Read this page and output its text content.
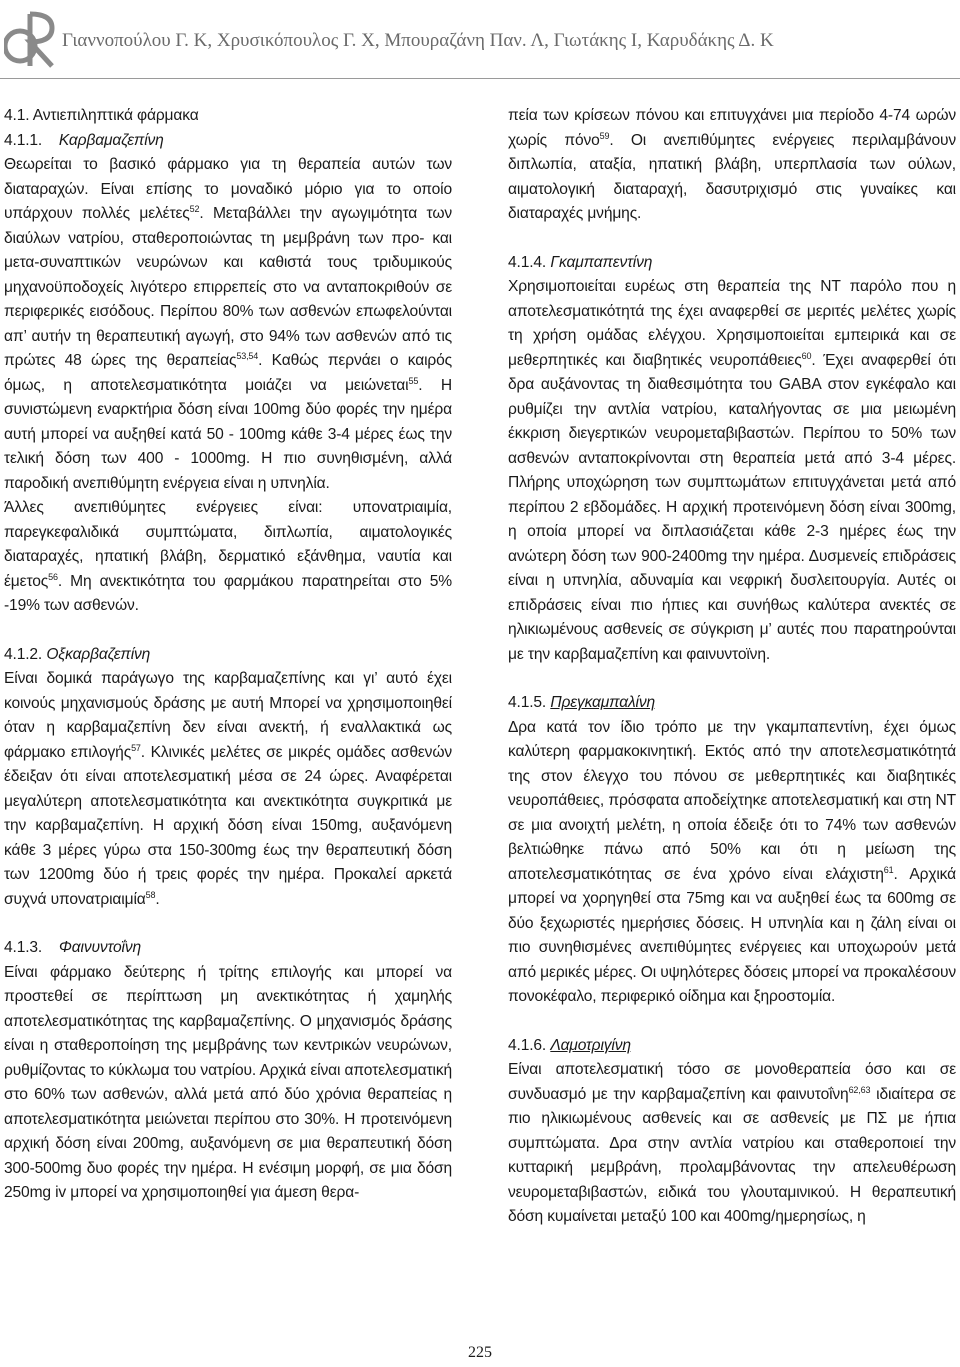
Γιαννοπούλου Γ. Κ, Χρυσικόπουλος Γ. Χ, Μπουραζάνη Παν. Λ, Γιωτάκης Ι, Καρυδάκης Δ. Κ

4.1. Αντιεπιληπτικά φάρμακα

4.1.1. Καρβαμαζεπίνη

Θεωρείται το βασικό φάρμακο για τη θεραπεία αυτών των διαταραχών. Είναι επίσης το μοναδικό μόριο για το οποίο υπάρχουν πολλές μελέτες$^{52}$. Μεταβάλλει την αγωγιμότητα των διαύλων νατρίου, σταθεροποιώντας τη μεμβράνη των προ- και μετα-συναπτικών νευρώνων και καθιστά τους τριδυμικούς μηχανοϋποδοχείς λιγότερο επιρρεπείς στο να ανταποκριθούν σε περιφερικές εισόδους. Περίπου 80% των ασθενών επωφελούνται απ’ αυτήν τη θεραπευτική αγωγή, στο 94% των ασθενών από τις πρώτες 48 ώρες της θεραπείας$^{53,54}$. Καθώς περνάει ο καιρός όμως, η αποτελεσματικότητα μοιάζει να μειώνεται$^{55}$. Η συνιστώμενη εναρκτήρια δόση είναι 100mg δύο φορές την ημέρα αυτή μπορεί να αυξηθεί κατά 50 - 100mg κάθε 3-4 μέρες έως την τελική δόση των 400 - 1000mg. Η πιο συνηθισμένη, αλλά παροδική ανεπιθύμητη ενέργεια είναι η υπνηλία.

Άλλες ανεπιθύμητες ενέργειες είναι: υπονατριαιμία, παρεγκεφαλιδικά συμπτώματα, διπλωπία, αιματολογικές διαταραχές, ηπατική βλάβη, δερματικό εξάνθημα, ναυτία και έμετος$^{56}$. Μη ανεκτικότητα του φαρμάκου παρατηρείται στο 5% -19% των ασθενών.

4.1.2. Οξκαρβαζεπίνη

Είναι δομικά παράγωγο της καρβαμαζεπίνης και γι’ αυτό έχει κοινούς μηχανισμούς δράσης με αυτή Μπορεί να χρησιμοποιηθεί όταν η καρβαμαζεπίνη δεν είναι ανεκτή, ή εναλλακτικά ως φάρμακο επιλογής$^{57}$. Κλινικές μελέτες σε μικρές ομάδες ασθενών έδειξαν ότι είναι αποτελεσματική μέσα σε 24 ώρες. Αναφέρεται μεγαλύτερη αποτελεσματικότητα και ανεκτικότητα συγκριτικά με την καρβαμαζεπίνη. Η αρχική δόση είναι 150mg, αυξανόμενη κάθε 3 μέρες γύρω στα 150-300mg έως την θεραπευτική δόση των 1200mg δύο ή τρεις φορές την ημέρα. Προκαλεί αρκετά συχνά υπονατριαιμία$^{58}$.

4.1.3. Φαινυντοΐνη

Είναι φάρμακο δεύτερης ή τρίτης επιλογής και μπορεί να προστεθεί σε περίπτωση μη ανεκτικότητας ή χαμηλής αποτελεσματικότητας της καρβαμαζεπίνης. Ο μηχανισμός δράσης είναι η σταθεροποίηση της μεμβράνης των κεντρικών νευρώνων, ρυθμίζοντας το κύκλωμα του νατρίου. Αρχικά είναι αποτελεσματική στο 60% των ασθενών, αλλά μετά από δύο χρόνια θεραπείας η αποτελεσματικότητα μειώνεται περίπου στο 30%. Η προτεινόμενη αρχική δόση είναι 200mg, αυξανόμενη σε μια θεραπευτική δόση 300-500mg δυο φορές την ημέρα. Η ενέσιμη μορφή, σε μια δόση 250mg iv μπορεί να χρησιμοποιηθεί για άμεση θερα-

πεία των κρίσεων πόνου και επιτυγχάνει μια περίοδο 4-74 ωρών χωρίς πόνο$^{59}$. Οι ανεπιθύμητες ενέργειες περιλαμβάνουν διπλωπία, αταξία, ηπατική βλάβη, υπερπλασία των ούλων, αιματολογική διαταραχή, δασυτριχισμό στις γυναίκες και διαταραχές μνήμης.

4.1.4. Γκαμπαπεντίνη

Χρησιμοποιείται ευρέως στη θεραπεία της ΝΤ παρόλο που η αποτελεσματικότητά της έχει αναφερθεί σε μεριτές μελέτες χωρίς τη χρήση ομάδας ελέγχου. Χρησιμοποιείται εμπειρικά και σε μεθερπητικές και διαβητικές νευροπάθειες$^{60}$. Έχει αναφερθεί ότι δρα αυξάνοντας τη διαθεσιμότητα του GABA στον εγκέφαλο και ρυθμίζει την αντλία νατρίου, καταλήγοντας σε μια μειωμένη έκκριση διεγερτικών νευρομεταβιβαστών. Περίπου το 50% των ασθενών ανταποκρίνονται στη θεραπεία μετά από 3-4 μέρες. Πλήρης υποχώρηση των συμπτωμάτων επιτυγχάνεται μετά από περίπου 2 εβδομάδες. Η αρχική προτεινόμενη δόση είναι 300mg, η οποία μπορεί να διπλασιάζεται κάθε 2-3 ημέρες έως την ανώτερη δόση των 900-2400mg την ημέρα. Δυσμενείς επιδράσεις είναι η υπνηλία, αδυναμία και νεφρική δυσλειτουργία. Αυτές οι επιδράσεις είναι πιο ήπιες και συνήθως καλύτερα ανεκτές σε ηλικιωμένους ασθενείς σε σύγκριση μ’ αυτές που παρατηρούνται με την καρβαμαζεπίνη και φαινυντοϊνη.

4.1.5. Πρεγκαμπαλίνη

Δρα κατά τον ίδιο τρόπο με την γκαμπαπεντίνη, έχει όμως καλύτερη φαρμακοκινητική. Εκτός από την αποτελεσματικότητά της στον έλεγχο του πόνου σε μεθερπητικές και διαβητικές νευροπάθειες, πρόσφατα αποδείχτηκε αποτελεσματική και στη ΝΤ σε μια ανοιχτή μελέτη, η οποία έδειξε ότι το 74% των ασθενών βελτιώθηκε πάνω από 50% και ότι η μείωση της αποτελεσματικότητας σε ένα χρόνο είναι ελάχιστη$^{61}$. Αρχικά μπορεί να χορηγηθεί στα 75mg και να αυξηθεί έως τα 600mg σε δύο ξεχωριστές ημερήσιες δόσεις. Η υπνηλία και η ζάλη είναι οι πιο συνηθισμένες ανεπιθύμητες ενέργειες και υποχωρούν μετά από μερικές μέρες. Οι υψηλότερες δόσεις μπορεί να προκαλέσουν πονοκέφαλο, περιφερικό οίδημα και ξηροστομία.

4.1.6. Λαμοτριγίνη

Είναι αποτελεσματική τόσο σε μονοθεραπεία όσο και σε συνδυασμό με την καρβαμαζεπίνη και φαινυτοΐνη$^{62,63}$ ιδιαίτερα σε πιο ηλικιωμένους ασθενείς και σε ασθενείς με ΠΣ με ήπια συμπτώματα. Δρα στην αντλία νατρίου και σταθεροποιεί την κυτταρική μεμβράνη, προλαμβάνοντας την απελευθέρωση νευρομεταβιβαστών, ειδικά του γλουταμινικού. Η θεραπευτική δόση κυμαίνεται μεταξύ 100 και 400mg/ημερησίως, η

225
